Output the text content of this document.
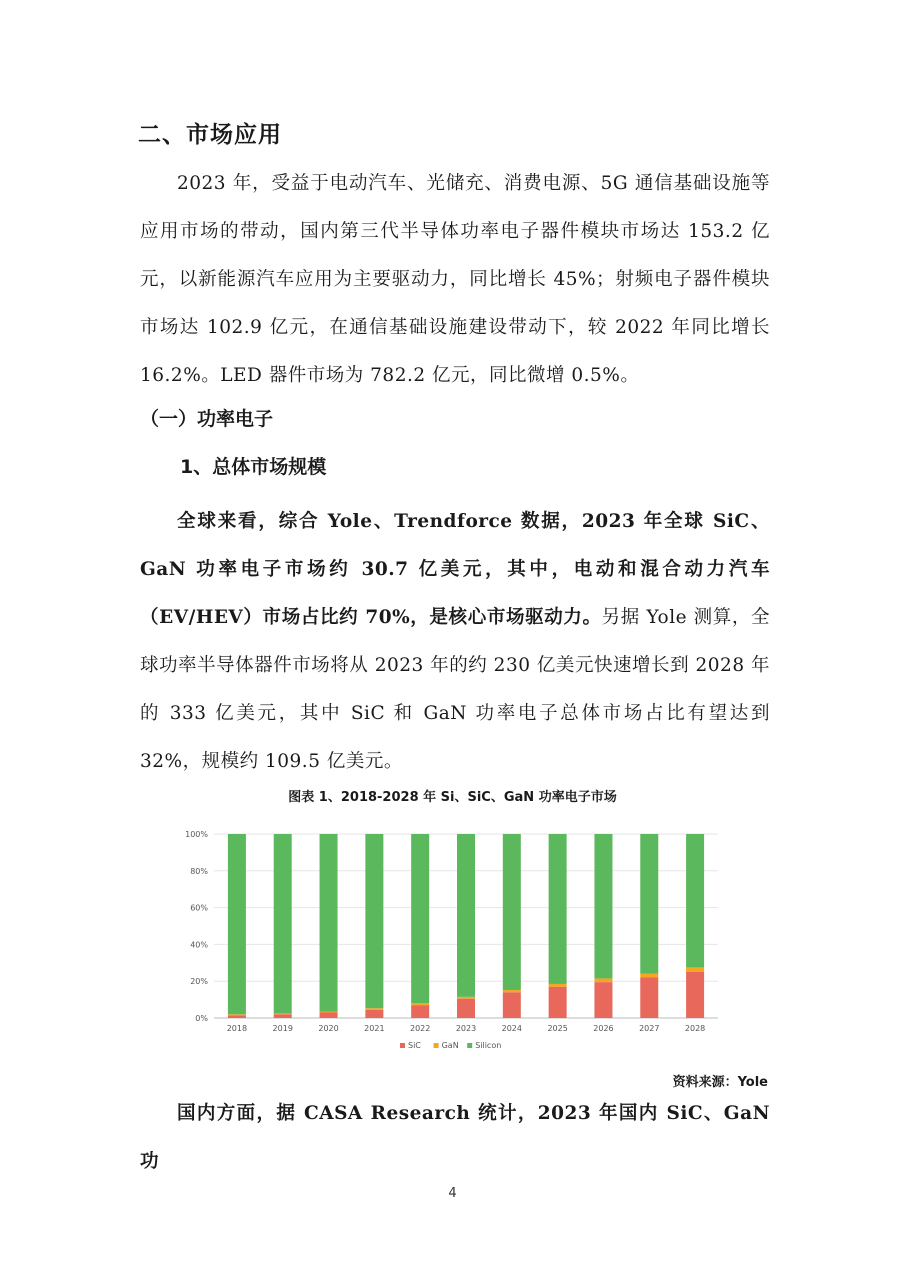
二、市场应用

2023 年，受益于电动汽车、光储充、消费电源、5G 通信基础设施等应用市场的带动，国内第三代半导体功率电子器件模块市场达 153.2 亿元，以新能源汽车应用为主要驱动力，同比增长 45%；射频电子器件模块市场达 102.9 亿元，在通信基础设施建设带动下，较 2022 年同比增长 16.2%。LED 器件市场为 782.2 亿元，同比微增 0.5%。

（一）功率电子
1、总体市场规模

全球来看，综合 Yole、Trendforce 数据，2023 年全球 SiC、GaN 功率电子市场约 30.7 亿美元，其中，电动和混合动力汽车（EV/HEV）市场占比约 70%，是核心市场驱动力。另据 Yole 测算，全球功率半导体器件市场将从 2023 年的约 230 亿美元快速增长到 2028 年的 333 亿美元，其中 SiC 和 GaN 功率电子总体市场占比有望达到 32%，规模约 109.5 亿美元。

图表 1、2018-2028 年 Si、SiC、GaN 功率电子市场
0%
20%
40%
60%
80%
100%
2018	2019	2020	2021	2022	2023	2024	2025	2026	2027	2028
SiC	GaN Silicon
资料来源：Yole

国内方面，据 CASA Research 统计，2023 年国内 SiC、GaN 功

4
